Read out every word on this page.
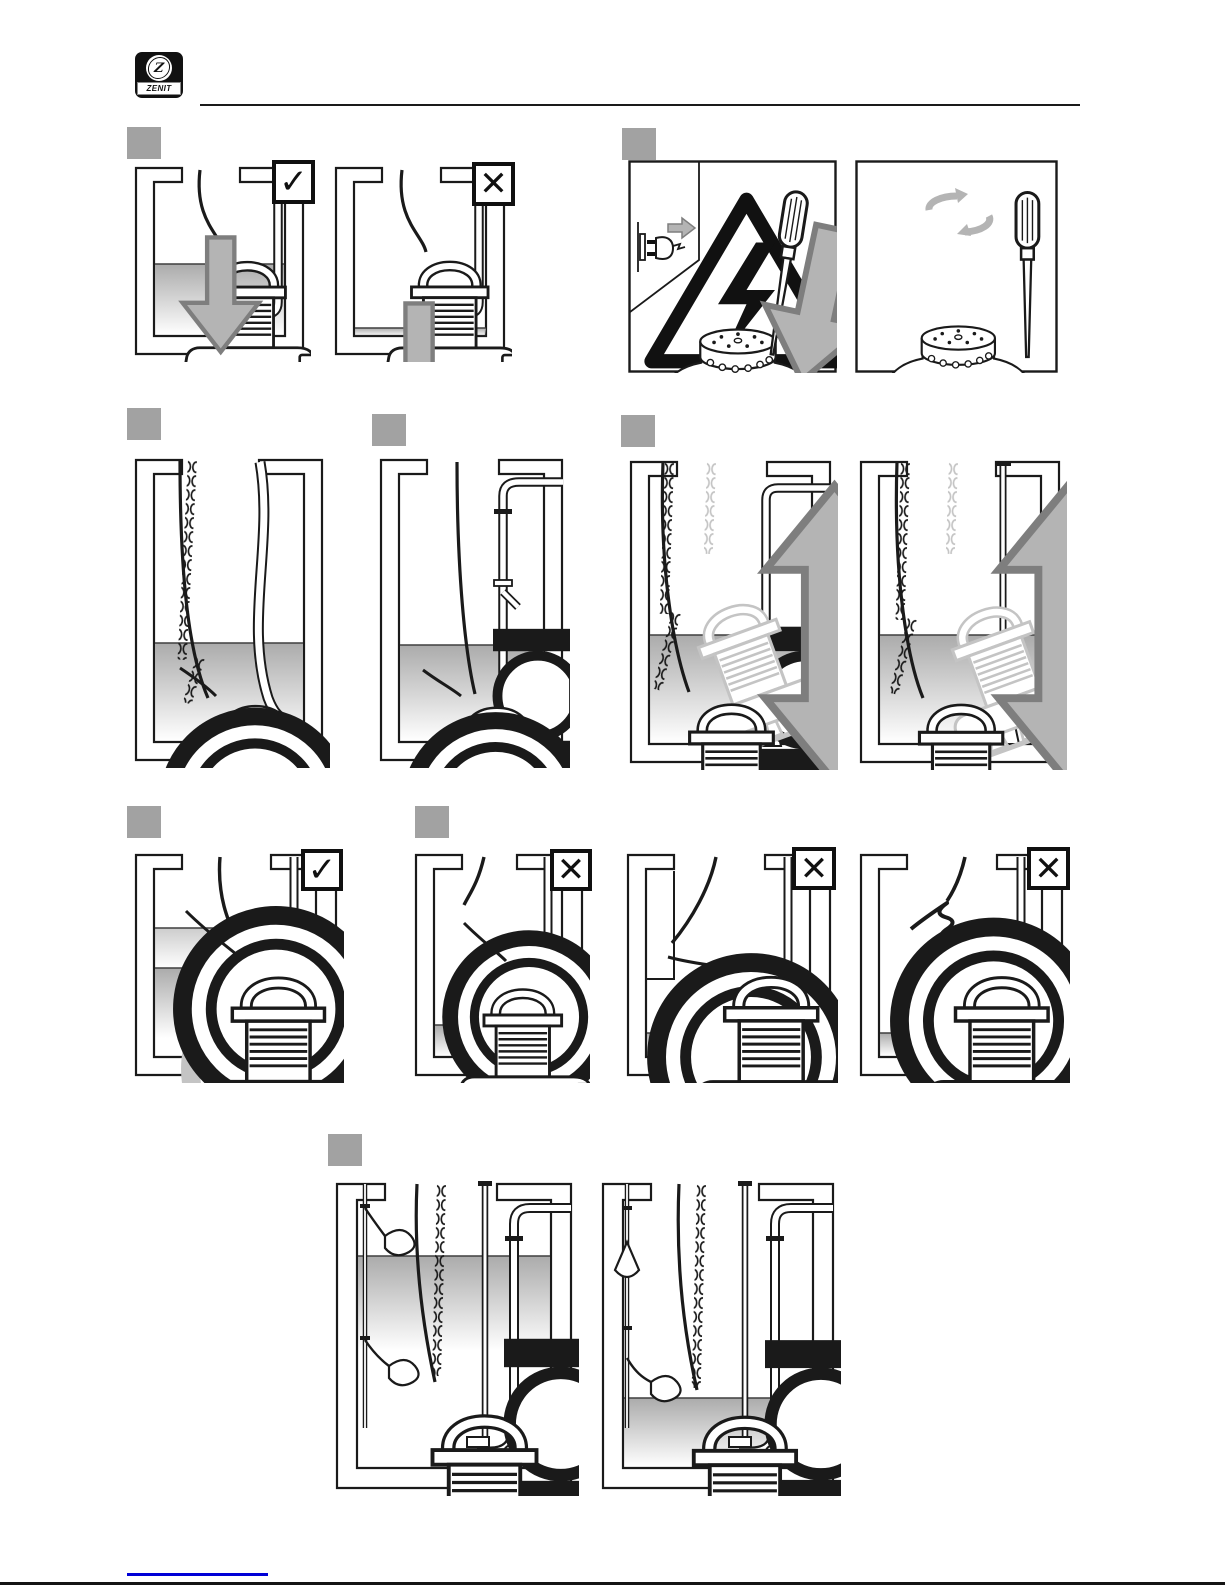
Z
ZENIT
✓	✕
✓	✕	✕	✕
